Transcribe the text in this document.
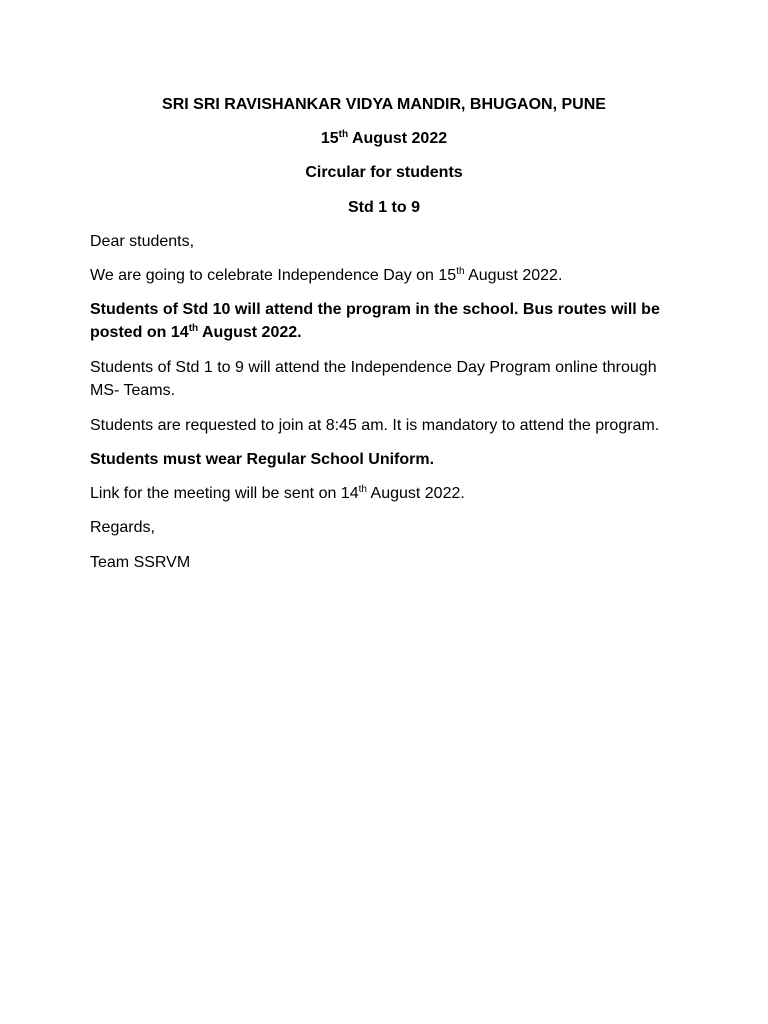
SRI SRI RAVISHANKAR VIDYA MANDIR, BHUGAON, PUNE
15th August 2022
Circular for students
Std 1 to 9
Dear students,
We are going to celebrate Independence Day on 15th August 2022.
Students of Std 10 will attend the program in the school. Bus routes will be
posted on 14th August 2022.
Students of Std 1 to 9 will attend the Independence Day Program online through
MS- Teams.
Students are requested to join at 8:45 am. It is mandatory to attend the program.
Students must wear Regular School Uniform.
Link for the meeting will be sent on 14th August 2022.
Regards,
Team SSRVM
